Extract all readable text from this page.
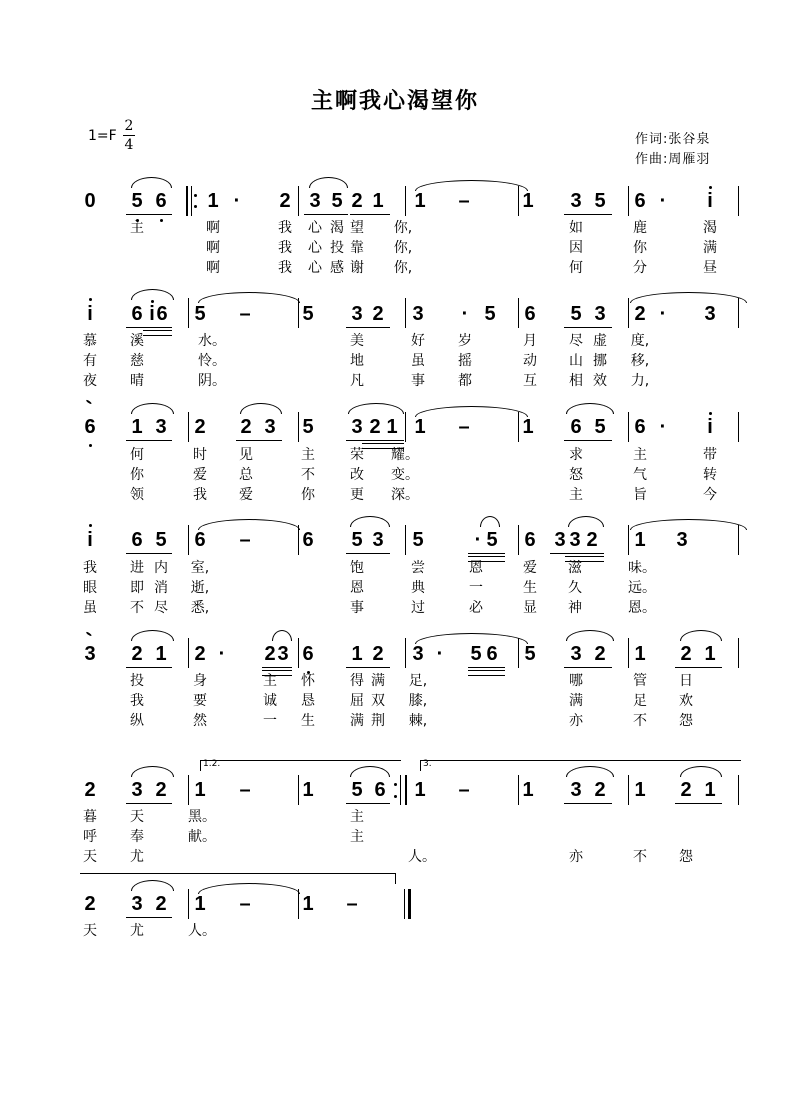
主啊我心渴望你
1=F
2
4	作词:张谷泉
作曲:周雁羽
0	5 6	1 ·	2 3 5 2 1	1	–	1	3 5	6 ·	i
主	啊	我	心 渴 望	你,	如	鹿	渴
啊	我	心 投 靠	你,	因	你	满
啊	我	心 感 谢	你,	何	分	昼
i	6 i 6	5	–	5	3 2	3	· 5	6	5 3	2 ·	3
慕	溪	水。	美	好	岁	月	尽 虚	度,
有	慈	怜。	地	虽	摇	动	山 挪	移,
夜	晴	阴。	凡	事	都	互	相 效	力,
6	1 3	2	2 3	5	3 2 1 1	–	1	6 5	6 ·	i
何	时	见	主	荣	耀。	求	主	带
你	爱	总	不	改	变。	怒	气	转
领	我	爱	你	更	深。	主	旨	今
i	6 5	6	–	6	5 3	5	· 5	6 3 3 2	1	3
我	进 内	室,	饱	尝	恩	爱	滋	味。
眼	即 消	逝,	恩	典	一	生	久	远。
虽	不 尽	悉,	事	过	必	显	神	恩。
3	2 1	2 ·	2 3 6	1 2	3 ·	5 6	5	3 2	1	2 1
投	身	主	怀	得 满	足,	哪	管	日
我	要	诚	恳	屈 双	膝,	满	足	欢
纵	然	一	生	满 荆	棘,	亦	不	怨
2	3 2	1	–	1	5 6	1	–	1	3 2	1	2 1
1.2.	3.
暮	天	黑。	主
呼	奉	献。	主
天	尤	人。	亦	不	怨
2	3 2	1	–	1	–
天	尤	人。
